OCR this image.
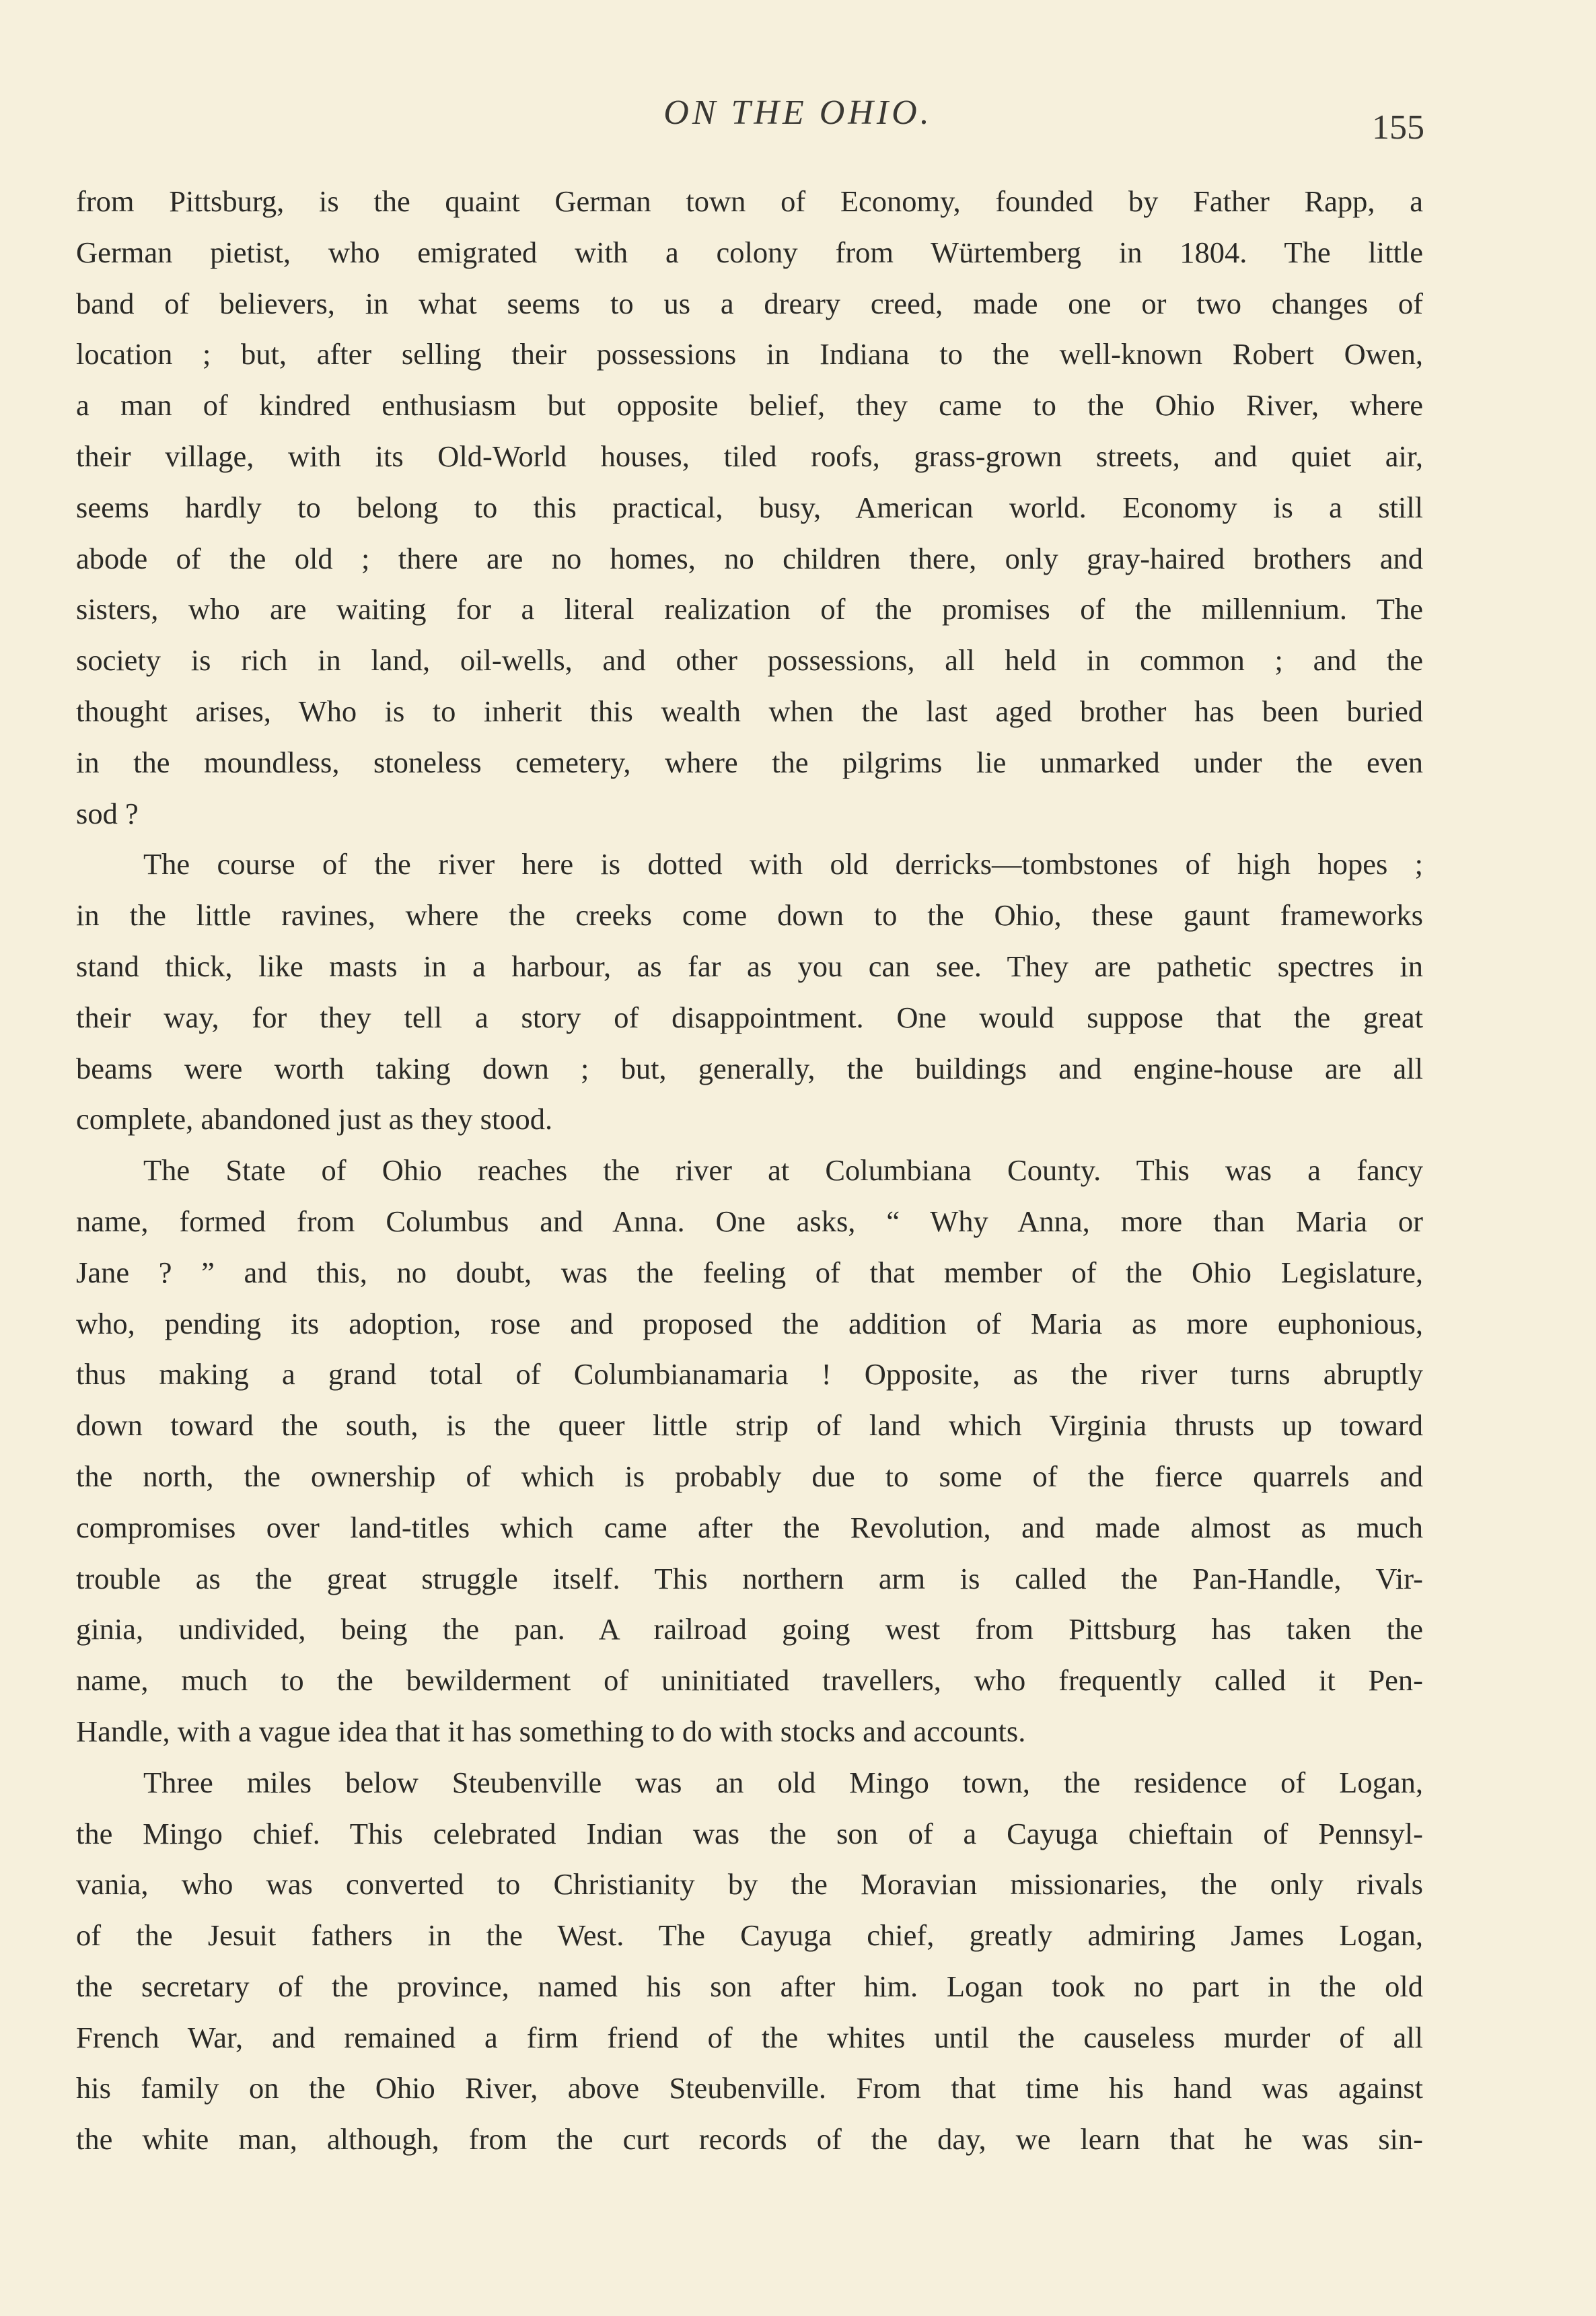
ON THE OHIO.	155
from Pittsburg, is the quaint German town of Economy, founded by Father Rapp, a
German pietist, who emigrated with a colony from Würtemberg in 1804. The little
band of believers, in what seems to us a dreary creed, made one or two changes of
location ; but, after selling their possessions in Indiana to the well-known Robert Owen,
a man of kindred enthusiasm but opposite belief, they came to the Ohio River, where
their village, with its Old-World houses, tiled roofs, grass-grown streets, and quiet air,
seems hardly to belong to this practical, busy, American world. Economy is a still
abode of the old ; there are no homes, no children there, only gray-haired brothers and
sisters, who are waiting for a literal realization of the promises of the millennium. The
society is rich in land, oil-wells, and other possessions, all held in common ; and the
thought arises, Who is to inherit this wealth when the last aged brother has been buried
in the moundless, stoneless cemetery, where the pilgrims lie unmarked under the even
sod ?
The course of the river here is dotted with old derricks—tombstones of high hopes ;
in the little ravines, where the creeks come down to the Ohio, these gaunt frameworks
stand thick, like masts in a harbour, as far as you can see. They are pathetic spectres in
their way, for they tell a story of disappointment. One would suppose that the great
beams were worth taking down ; but, generally, the buildings and engine-house are all
complete, abandoned just as they stood.
The State of Ohio reaches the river at Columbiana County. This was a fancy
name, formed from Columbus and Anna. One asks, “ Why Anna, more than Maria or
Jane ? ” and this, no doubt, was the feeling of that member of the Ohio Legislature,
who, pending its adoption, rose and proposed the addition of Maria as more euphonious,
thus making a grand total of Columbianamaria ! Opposite, as the river turns abruptly
down toward the south, is the queer little strip of land which Virginia thrusts up toward
the north, the ownership of which is probably due to some of the fierce quarrels and
compromises over land-titles which came after the Revolution, and made almost as much
trouble as the great struggle itself. This northern arm is called the Pan-Handle, Vir-
ginia, undivided, being the pan. A railroad going west from Pittsburg has taken the
name, much to the bewilderment of uninitiated travellers, who frequently called it Pen-
Handle, with a vague idea that it has something to do with stocks and accounts.
Three miles below Steubenville was an old Mingo town, the residence of Logan,
the Mingo chief. This celebrated Indian was the son of a Cayuga chieftain of Pennsyl-
vania, who was converted to Christianity by the Moravian missionaries, the only rivals
of the Jesuit fathers in the West. The Cayuga chief, greatly admiring James Logan,
the secretary of the province, named his son after him. Logan took no part in the old
French War, and remained a firm friend of the whites until the causeless murder of all
his family on the Ohio River, above Steubenville. From that time his hand was against
the white man, although, from the curt records of the day, we learn that he was sin-
